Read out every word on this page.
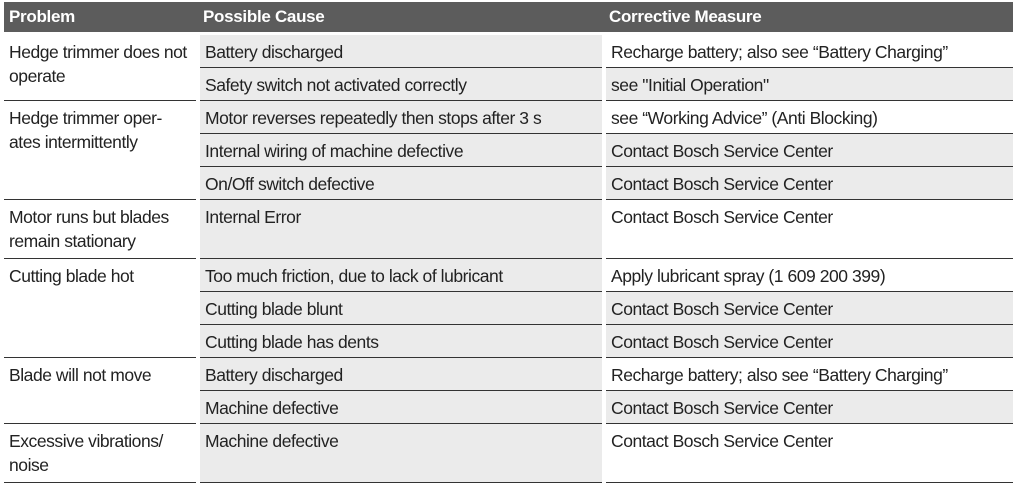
Problem	Possible Cause	Corrective Measure
Hedge trimmer does not operate	Battery discharged	Recharge battery; also see “Battery Charging”
	Safety switch not activated correctly	see "Initial Operation"
Hedge trimmer oper-ates intermittently	Motor reverses repeatedly then stops after 3 s	see “Working Advice” (Anti Blocking)
	Internal wiring of machine defective	Contact Bosch Service Center
	On/Off switch defective	Contact Bosch Service Center
Motor runs but blades remain stationary	Internal Error	Contact Bosch Service Center
Cutting blade hot	Too much friction, due to lack of lubricant	Apply lubricant spray (1 609 200 399)
	Cutting blade blunt	Contact Bosch Service Center
	Cutting blade has dents	Contact Bosch Service Center
Blade will not move	Battery discharged	Recharge battery; also see “Battery Charging”
	Machine defective	Contact Bosch Service Center
Excessive vibrations/ noise	Machine defective	Contact Bosch Service Center
